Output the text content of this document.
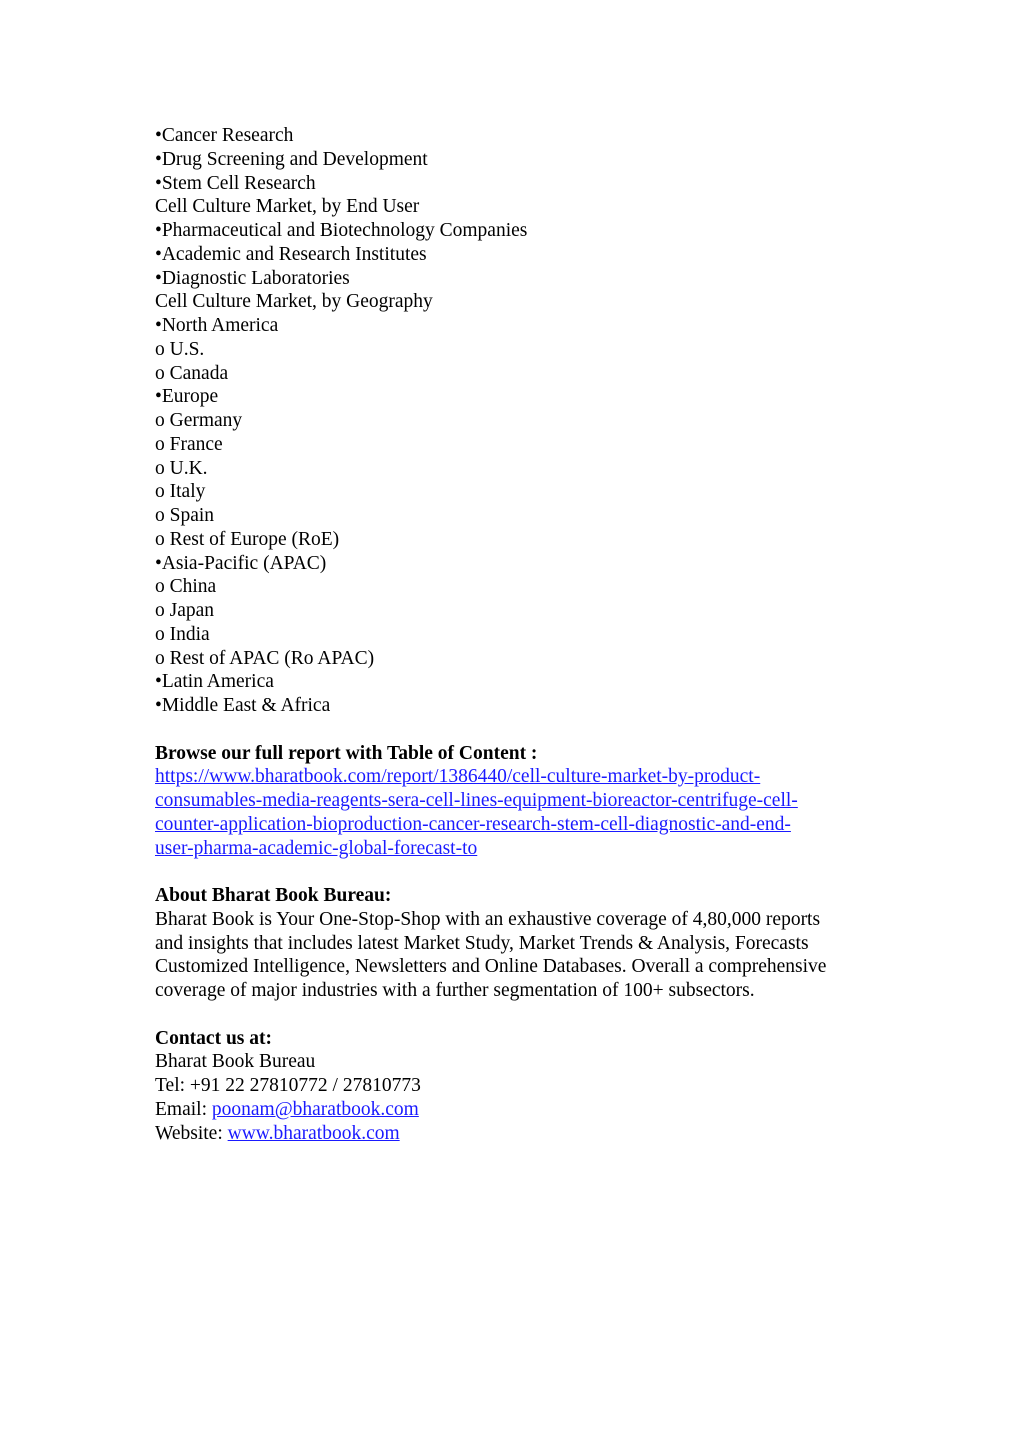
•Cancer Research
•Drug Screening and Development
•Stem Cell Research
Cell Culture Market, by End User
•Pharmaceutical and Biotechnology Companies
•Academic and Research Institutes
•Diagnostic Laboratories
Cell Culture Market, by Geography
•North America
o U.S.
o Canada
•Europe
o Germany
o France
o U.K.
o Italy
o Spain
o Rest of Europe (RoE)
•Asia-Pacific (APAC)
o China
o Japan
o India
o Rest of APAC (Ro APAC)
•Latin America
•Middle East & Africa
Browse our full report with Table of Content :
https://www.bharatbook.com/report/1386440/cell-culture-market-by-product-
consumables-media-reagents-sera-cell-lines-equipment-bioreactor-centrifuge-cell-
counter-application-bioproduction-cancer-research-stem-cell-diagnostic-and-end-
user-pharma-academic-global-forecast-to
About Bharat Book Bureau:
Bharat Book is Your One-Stop-Shop with an exhaustive coverage of 4,80,000 reports
and insights that includes latest Market Study, Market Trends & Analysis, Forecasts
Customized Intelligence, Newsletters and Online Databases. Overall a comprehensive
coverage of major industries with a further segmentation of 100+ subsectors.
Contact us at:
Bharat Book Bureau
Tel: +91 22 27810772 / 27810773
Email: poonam@bharatbook.com
Website: www.bharatbook.com
